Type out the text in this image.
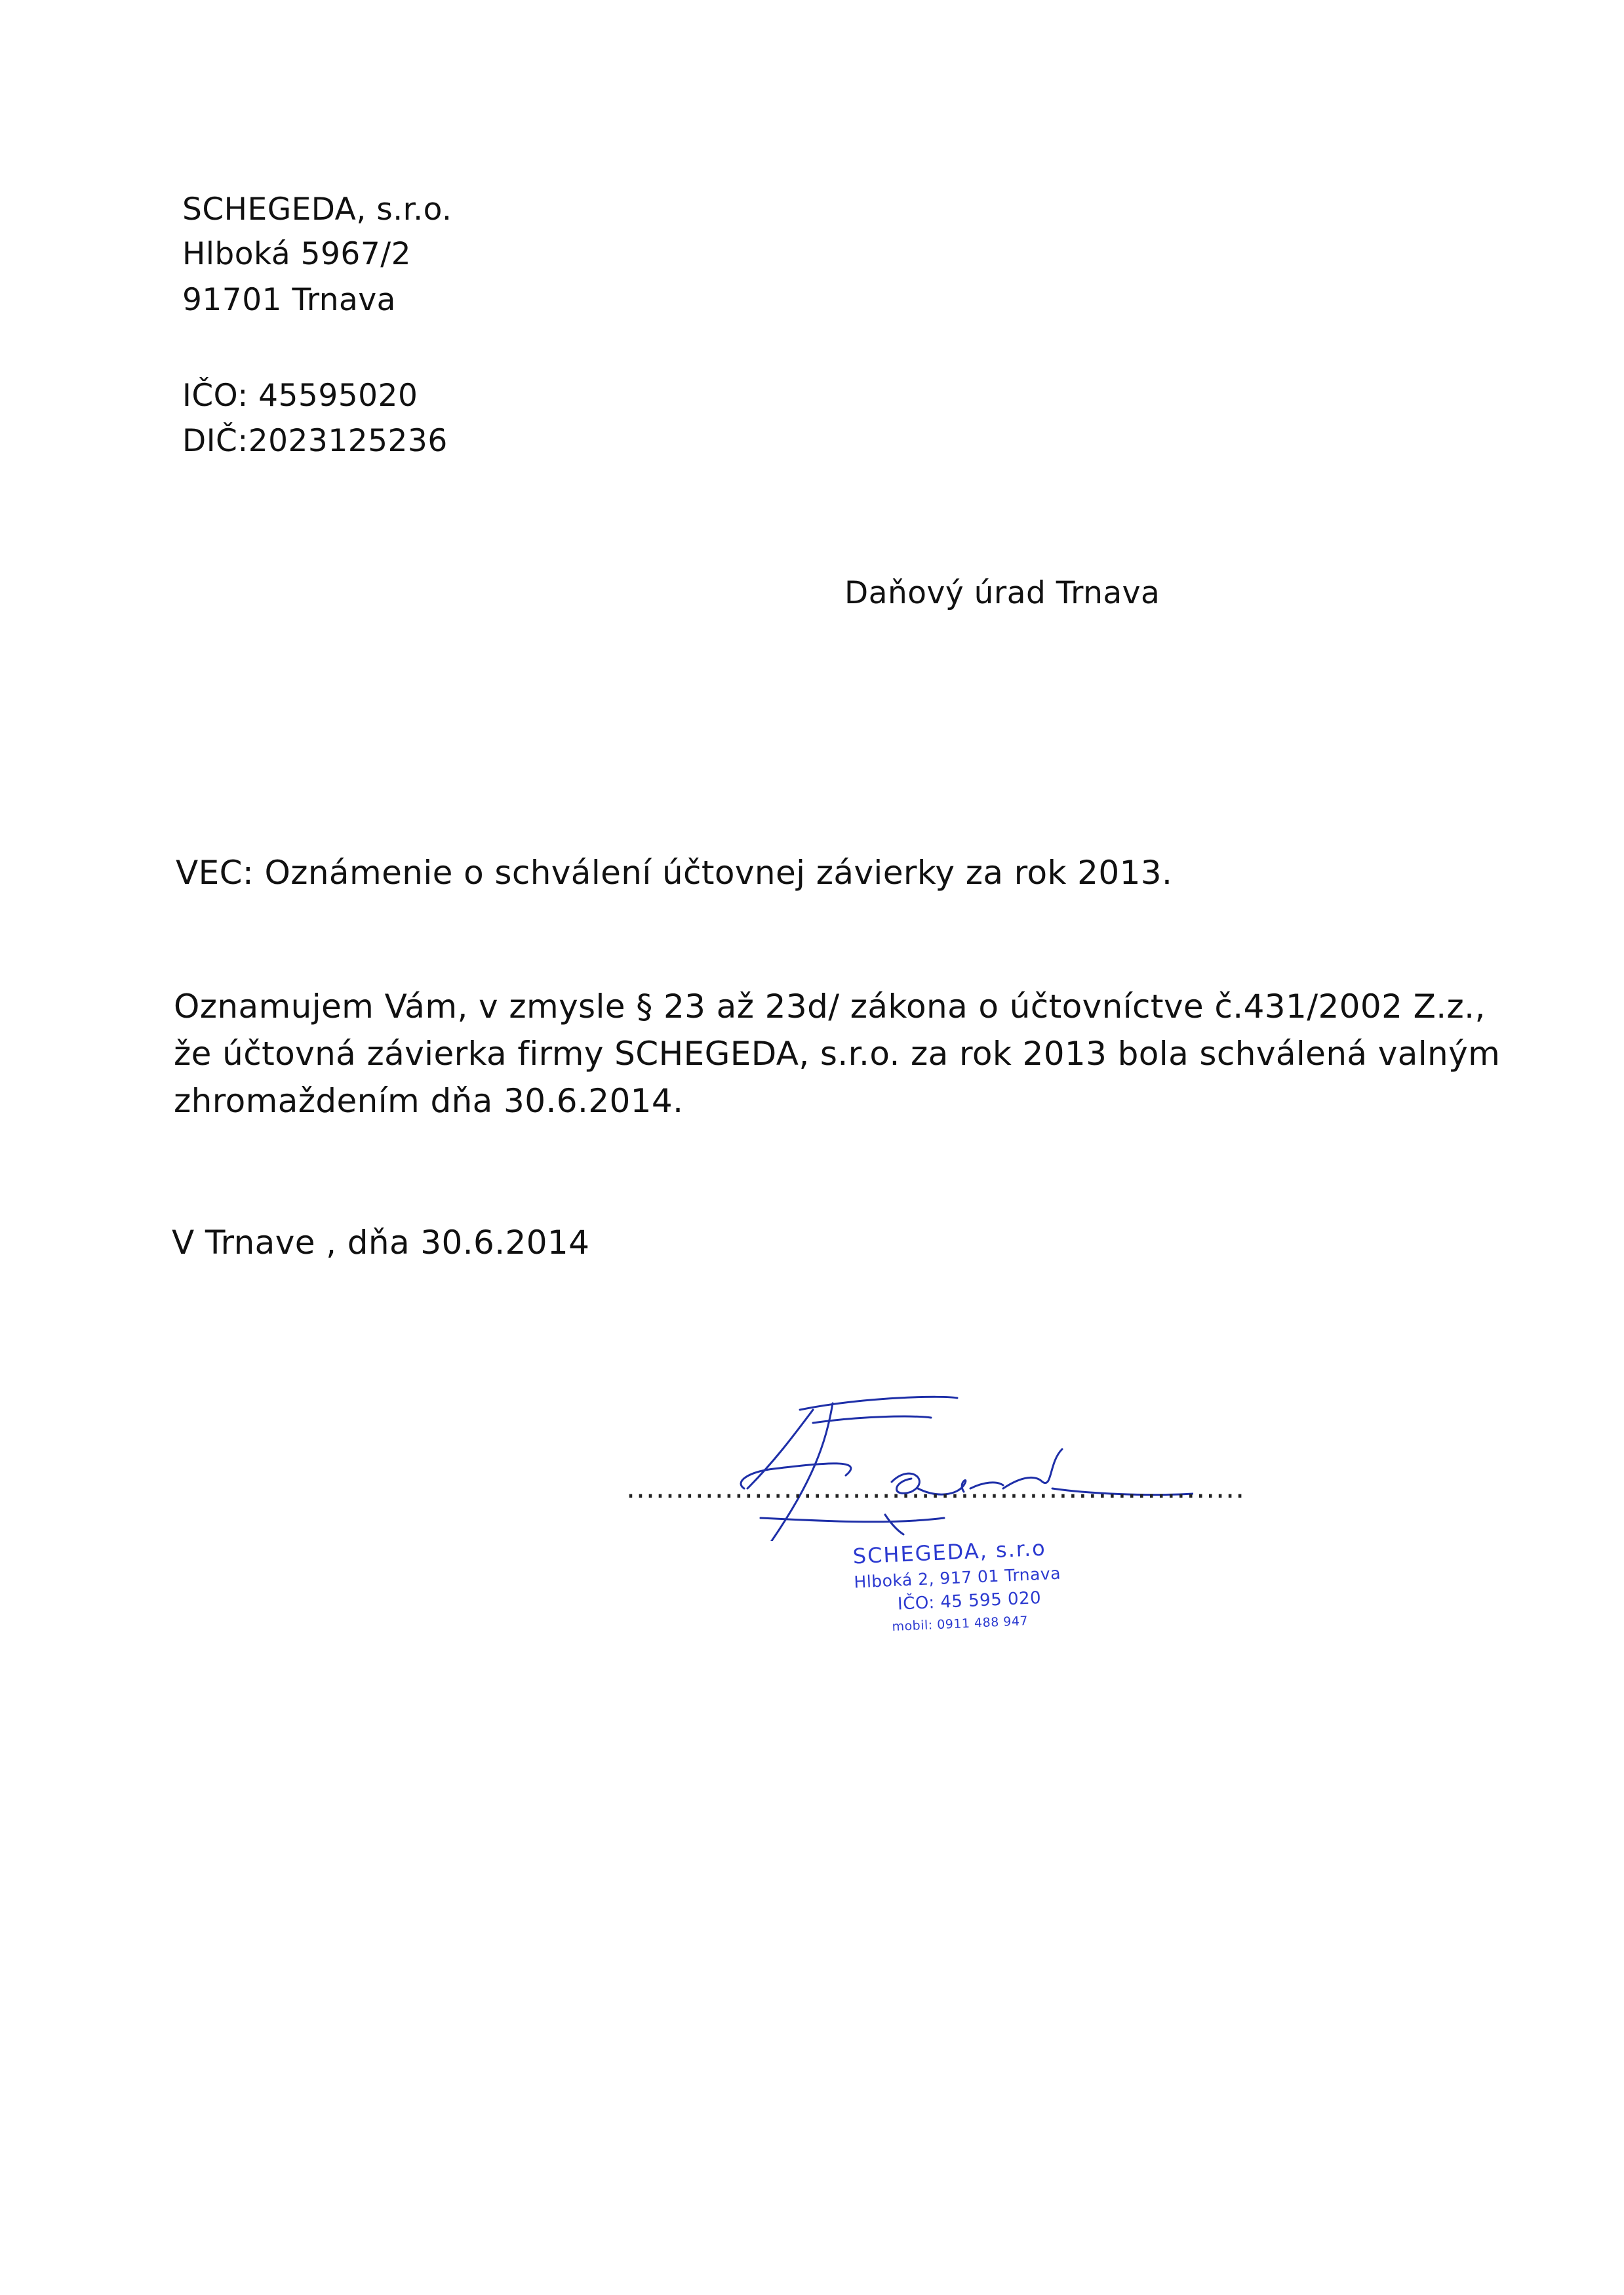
SCHEGEDA, s.r.o.
Hlboká 5967/2
91701 Trnava
IČO: 45595020
DIČ:2023125236
Daňový úrad Trnava
VEC: Oznámenie o schválení účtovnej závierky za rok 2013.
Oznamujem Vám, v zmysle § 23 až 23d/ zákona o účtovníctve č.431/2002 Z.z.,
že účtovná závierka firmy SCHEGEDA, s.r.o. za rok 2013 bola schválená valným
zhromaždením dňa 30.6.2014.
V Trnave , dňa 30.6.2014
...............................................................
SCHEGEDA, s.r.o
Hlboká 2, 917 01 Trnava
IČO: 45 595 020
mobil: 0911 488 947
